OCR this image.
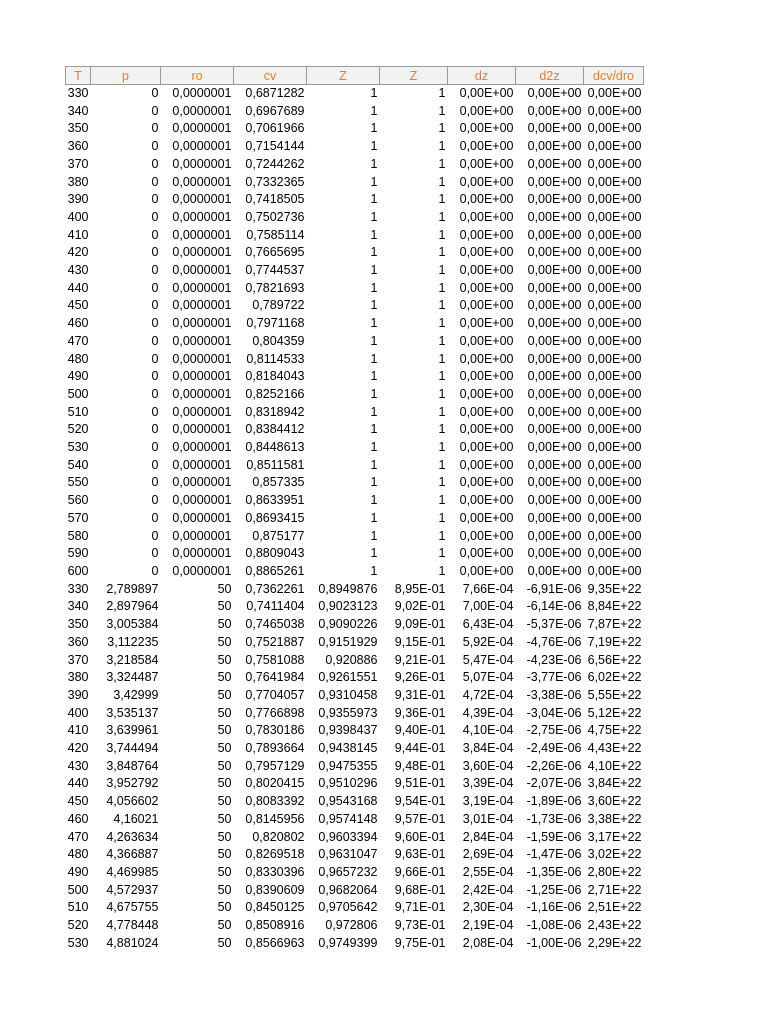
T	p	ro	cv	Z	Z	dz	d2z	dcv/dro
330	0	0,0000001	0,6871282	1	1	0,00E+00	0,00E+00	0,00E+00
340	0	0,0000001	0,6967689	1	1	0,00E+00	0,00E+00	0,00E+00
350	0	0,0000001	0,7061966	1	1	0,00E+00	0,00E+00	0,00E+00
360	0	0,0000001	0,7154144	1	1	0,00E+00	0,00E+00	0,00E+00
370	0	0,0000001	0,7244262	1	1	0,00E+00	0,00E+00	0,00E+00
380	0	0,0000001	0,7332365	1	1	0,00E+00	0,00E+00	0,00E+00
390	0	0,0000001	0,7418505	1	1	0,00E+00	0,00E+00	0,00E+00
400	0	0,0000001	0,7502736	1	1	0,00E+00	0,00E+00	0,00E+00
410	0	0,0000001	0,7585114	1	1	0,00E+00	0,00E+00	0,00E+00
420	0	0,0000001	0,7665695	1	1	0,00E+00	0,00E+00	0,00E+00
430	0	0,0000001	0,7744537	1	1	0,00E+00	0,00E+00	0,00E+00
440	0	0,0000001	0,7821693	1	1	0,00E+00	0,00E+00	0,00E+00
450	0	0,0000001	0,789722	1	1	0,00E+00	0,00E+00	0,00E+00
460	0	0,0000001	0,7971168	1	1	0,00E+00	0,00E+00	0,00E+00
470	0	0,0000001	0,804359	1	1	0,00E+00	0,00E+00	0,00E+00
480	0	0,0000001	0,8114533	1	1	0,00E+00	0,00E+00	0,00E+00
490	0	0,0000001	0,8184043	1	1	0,00E+00	0,00E+00	0,00E+00
500	0	0,0000001	0,8252166	1	1	0,00E+00	0,00E+00	0,00E+00
510	0	0,0000001	0,8318942	1	1	0,00E+00	0,00E+00	0,00E+00
520	0	0,0000001	0,8384412	1	1	0,00E+00	0,00E+00	0,00E+00
530	0	0,0000001	0,8448613	1	1	0,00E+00	0,00E+00	0,00E+00
540	0	0,0000001	0,8511581	1	1	0,00E+00	0,00E+00	0,00E+00
550	0	0,0000001	0,857335	1	1	0,00E+00	0,00E+00	0,00E+00
560	0	0,0000001	0,8633951	1	1	0,00E+00	0,00E+00	0,00E+00
570	0	0,0000001	0,8693415	1	1	0,00E+00	0,00E+00	0,00E+00
580	0	0,0000001	0,875177	1	1	0,00E+00	0,00E+00	0,00E+00
590	0	0,0000001	0,8809043	1	1	0,00E+00	0,00E+00	0,00E+00
600	0	0,0000001	0,8865261	1	1	0,00E+00	0,00E+00	0,00E+00
330	2,789897	50	0,7362261	0,8949876	8,95E-01	7,66E-04	-6,91E-06	9,35E+22
340	2,897964	50	0,7411404	0,9023123	9,02E-01	7,00E-04	-6,14E-06	8,84E+22
350	3,005384	50	0,7465038	0,9090226	9,09E-01	6,43E-04	-5,37E-06	7,87E+22
360	3,112235	50	0,7521887	0,9151929	9,15E-01	5,92E-04	-4,76E-06	7,19E+22
370	3,218584	50	0,7581088	0,920886	9,21E-01	5,47E-04	-4,23E-06	6,56E+22
380	3,324487	50	0,7641984	0,9261551	9,26E-01	5,07E-04	-3,77E-06	6,02E+22
390	3,42999	50	0,7704057	0,9310458	9,31E-01	4,72E-04	-3,38E-06	5,55E+22
400	3,535137	50	0,7766898	0,9355973	9,36E-01	4,39E-04	-3,04E-06	5,12E+22
410	3,639961	50	0,7830186	0,9398437	9,40E-01	4,10E-04	-2,75E-06	4,75E+22
420	3,744494	50	0,7893664	0,9438145	9,44E-01	3,84E-04	-2,49E-06	4,43E+22
430	3,848764	50	0,7957129	0,9475355	9,48E-01	3,60E-04	-2,26E-06	4,10E+22
440	3,952792	50	0,8020415	0,9510296	9,51E-01	3,39E-04	-2,07E-06	3,84E+22
450	4,056602	50	0,8083392	0,9543168	9,54E-01	3,19E-04	-1,89E-06	3,60E+22
460	4,16021	50	0,8145956	0,9574148	9,57E-01	3,01E-04	-1,73E-06	3,38E+22
470	4,263634	50	0,820802	0,9603394	9,60E-01	2,84E-04	-1,59E-06	3,17E+22
480	4,366887	50	0,8269518	0,9631047	9,63E-01	2,69E-04	-1,47E-06	3,02E+22
490	4,469985	50	0,8330396	0,9657232	9,66E-01	2,55E-04	-1,35E-06	2,80E+22
500	4,572937	50	0,8390609	0,9682064	9,68E-01	2,42E-04	-1,25E-06	2,71E+22
510	4,675755	50	0,8450125	0,9705642	9,71E-01	2,30E-04	-1,16E-06	2,51E+22
520	4,778448	50	0,8508916	0,972806	9,73E-01	2,19E-04	-1,08E-06	2,43E+22
530	4,881024	50	0,8566963	0,9749399	9,75E-01	2,08E-04	-1,00E-06	2,29E+22
